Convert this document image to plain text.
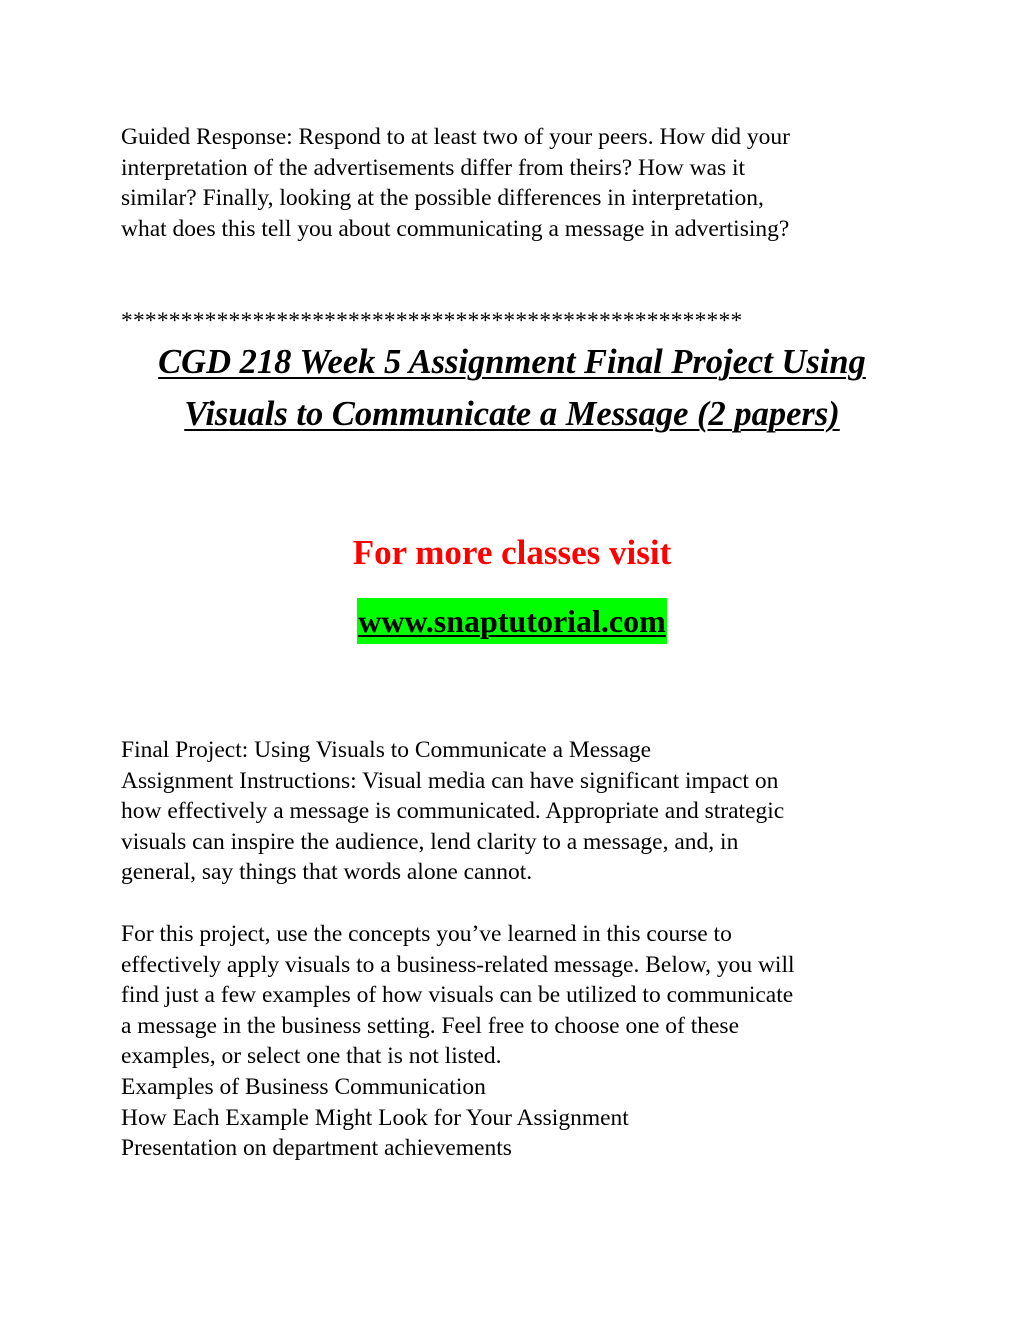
Guided Response: Respond to at least two of your peers. How did your
interpretation of the advertisements differ from theirs? How was it
similar? Finally, looking at the possible differences in interpretation,
what does this tell you about communicating a message in advertising?

****************************************************

CGD 218 Week 5 Assignment Final Project Using
Visuals to Communicate a Message (2 papers)

For more classes visit

www.snaptutorial.com

Final Project: Using Visuals to Communicate a Message
Assignment Instructions: Visual media can have significant impact on
how effectively a message is communicated. Appropriate and strategic
visuals can inspire the audience, lend clarity to a message, and, in
general, say things that words alone cannot.

For this project, use the concepts you’ve learned in this course to
effectively apply visuals to a business-related message. Below, you will
find just a few examples of how visuals can be utilized to communicate
a message in the business setting. Feel free to choose one of these
examples, or select one that is not listed.
Examples of Business Communication
How Each Example Might Look for Your Assignment
Presentation on department achievements
